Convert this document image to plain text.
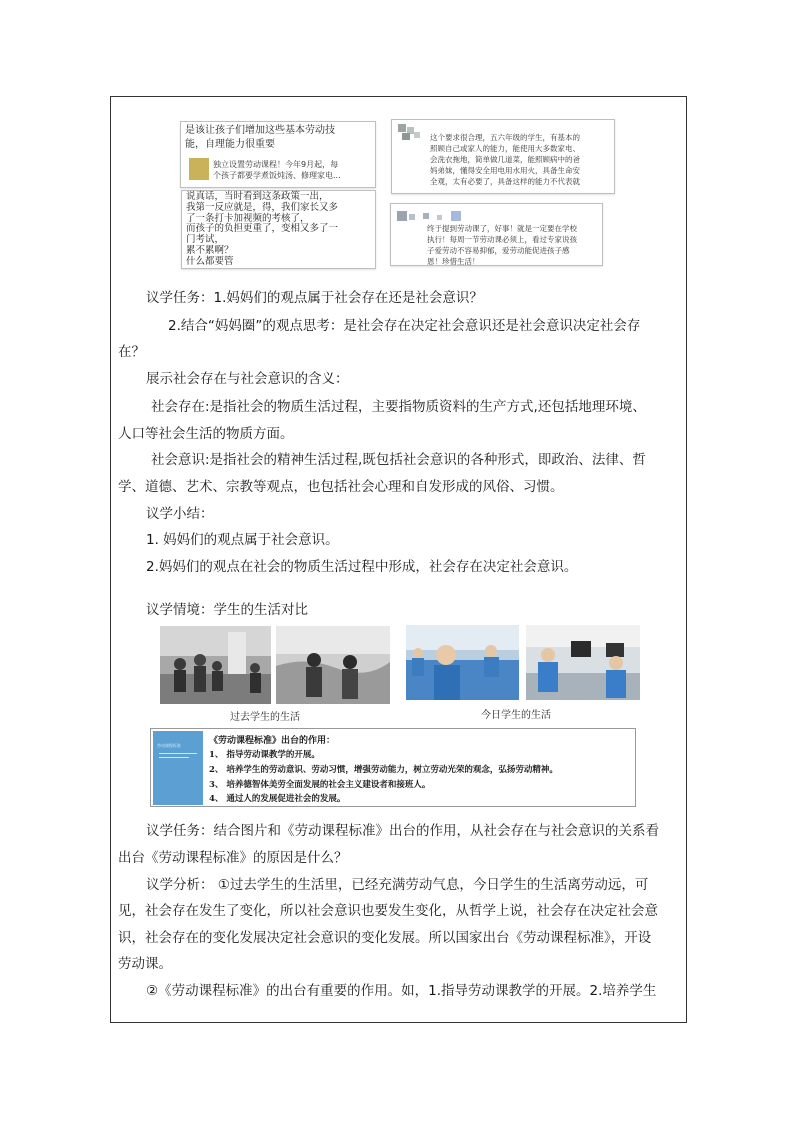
是该让孩子们增加这些基本劳动技
能，自理能力很重要
独立设置劳动课程！今年9月起，每
个孩子都要学煮饭炖汤、修理家电...
说真话，当时看到这条政策一出，
我第一反应就是，得，我们家长又多
了一条打卡加视频的考核了，
而孩子的负担更重了，变相又多了一
门考试，
累不累啊？
什么都要管
这个要求很合理，五六年级的学生，有基本的
照顾自己或家人的能力，能使用大多数家电、
会洗衣拖地，简单做几道菜，能照顾病中的爸
妈弟妹，懂得安全用电用水用火，具备生命安
全观，太有必要了，具备这样的能力不代表就
终于提到劳动课了，好事！就是一定要在学校
执行！每周一节劳动课必须上，看过专家说孩
子爱劳动不容易抑郁，爱劳动能促进孩子感
恩！珍惜生活！
议学任务：1.妈妈们的观点属于社会存在还是社会意识？
2.结合“妈妈圈”的观点思考：是社会存在决定社会意识还是社会意识决定社会存
在？
展示社会存在与社会意识的含义：
社会存在:是指社会的物质生活过程，主要指物质资料的生产方式,还包括地理环境、
人口等社会生活的物质方面。
社会意识:是指社会的精神生活过程,既包括社会意识的各种形式，即政治、法律、哲
学、道德、艺术、宗教等观点，也包括社会心理和自发形成的风俗、习惯。
议学小结：
1. 妈妈们的观点属于社会意识。
2.妈妈们的观点在社会的物质生活过程中形成，社会存在决定社会意识。
议学情境：学生的生活对比
过去学生的生活	今日学生的生活
劳动课程标准	《劳动课程标准》出台的作用：
1、 指导劳动课教学的开展。
2、 培养学生的劳动意识、劳动习惯，增强劳动能力，树立劳动光荣的观念，弘扬劳动精神。
3、 培养德智体美劳全面发展的社会主义建设者和接班人。
4、 通过人的发展促进社会的发展。
议学任务：结合图片和《劳动课程标准》出台的作用，从社会存在与社会意识的关系看
出台《劳动课程标准》的原因是什么？
议学分析： ①过去学生的生活里，已经充满劳动气息，今日学生的生活离劳动远，可
见，社会存在发生了变化，所以社会意识也要发生变化，从哲学上说，社会存在决定社会意
识，社会存在的变化发展决定社会意识的变化发展。所以国家出台《劳动课程标准》，开设
劳动课。
②《劳动课程标准》的出台有重要的作用。如，1.指导劳动课教学的开展。2.培养学生
